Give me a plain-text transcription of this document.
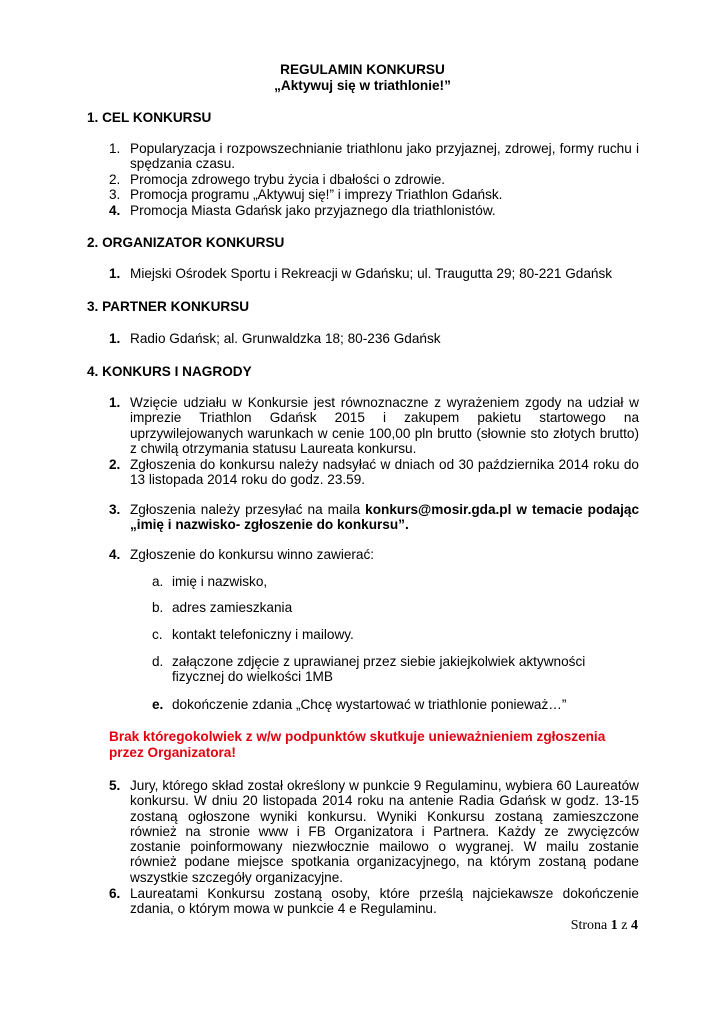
REGULAMIN KONKURSU
„Aktywuj się w triathlonie!”
1. CEL KONKURSU
1. Popularyzacja i rozpowszechnianie triathlonu jako przyjaznej, zdrowej, formy ruchu i spędzania czasu.
2. Promocja zdrowego trybu życia i dbałości o zdrowie.
3. Promocja programu „Aktywuj się!” i imprezy Triathlon Gdańsk.
4. Promocja Miasta Gdańsk jako przyjaznego dla triathlonistów.
2. ORGANIZATOR KONKURSU
1. Miejski Ośrodek Sportu i Rekreacji w Gdańsku; ul. Traugutta 29; 80-221 Gdańsk
3. PARTNER KONKURSU
1. Radio Gdańsk; al. Grunwaldzka 18; 80-236 Gdańsk
4. KONKURS I NAGRODY
1. Wzięcie udziału w Konkursie jest równoznaczne z wyrażeniem zgody na udział w imprezie Triathlon Gdańsk 2015 i zakupem pakietu startowego na uprzywilejowanych warunkach w cenie 100,00 pln brutto (słownie sto złotych brutto) z chwilą otrzymania statusu Laureata konkursu.
2. Zgłoszenia do konkursu należy nadsyłać w dniach od 30 października 2014 roku do 13 listopada 2014 roku do godz. 23.59.
3. Zgłoszenia należy przesyłać na maila konkurs@mosir.gda.pl w temacie podając „imię i nazwisko- zgłoszenie do konkursu”.
4. Zgłoszenie do konkursu winno zawierać:
a. imię i nazwisko,
b. adres zamieszkania
c. kontakt telefoniczny i mailowy.
d. załączone zdjęcie z uprawianej przez siebie jakiejkolwiek aktywności fizycznej do wielkości 1MB
e. dokończenie zdania „Chcę wystartować w triathlonie ponieważ…”
Brak któregokolwiek z w/w podpunktów skutkuje unieważnieniem zgłoszenia przez Organizatora!
5. Jury, którego skład został określony w punkcie 9 Regulaminu, wybiera 60 Laureatów konkursu. W dniu 20 listopada 2014 roku na antenie Radia Gdańsk w godz. 13-15 zostaną ogłoszone wyniki konkursu. Wyniki Konkursu zostaną zamieszczone również na stronie www i FB Organizatora i Partnera. Każdy ze zwycięzców zostanie poinformowany niezwłocznie mailowo o wygranej. W mailu zostanie również podane miejsce spotkania organizacyjnego, na którym zostaną podane wszystkie szczegóły organizacyjne.
6. Laureatami Konkursu zostaną osoby, które prześlą najciekawsze dokończenie zdania, o którym mowa w punkcie 4 e Regulaminu.
Strona 1 z 4
